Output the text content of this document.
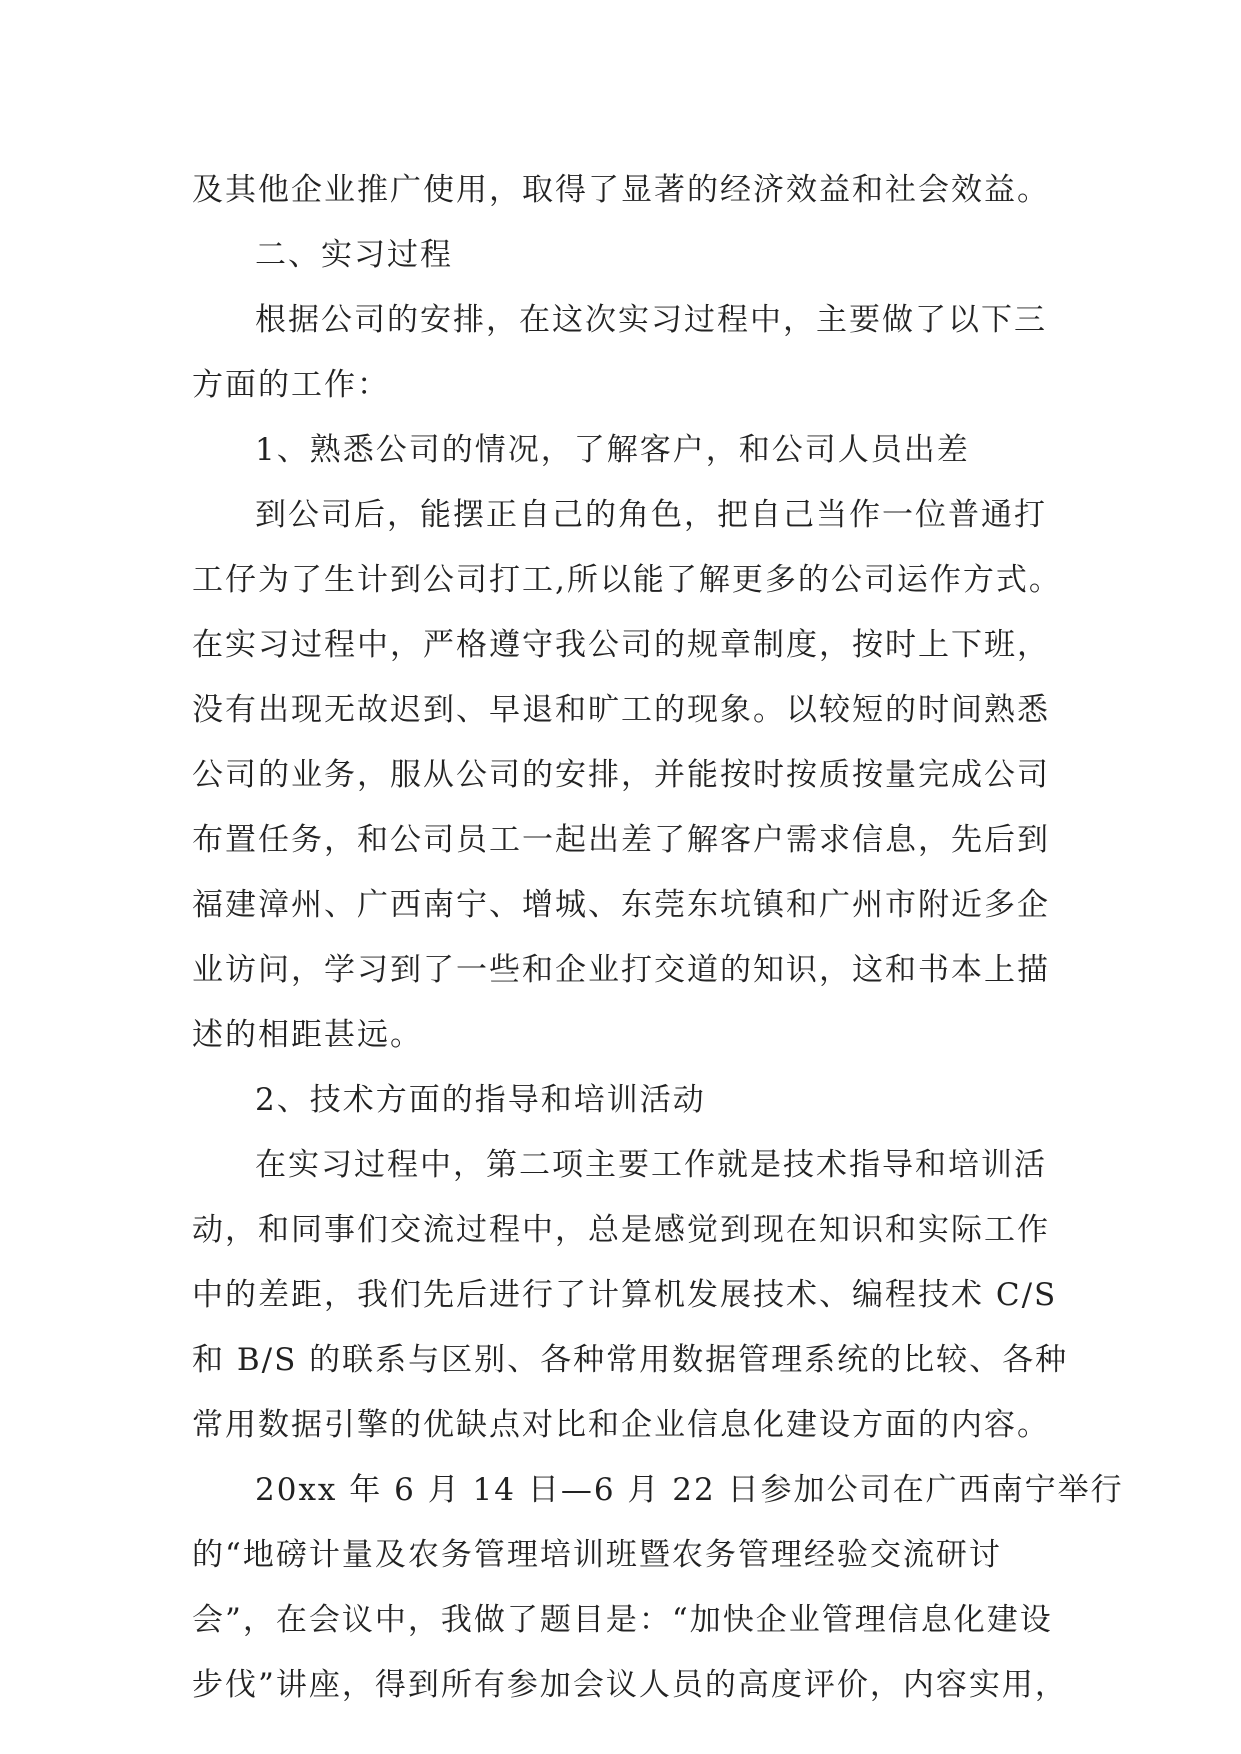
及其他企业推广使用，取得了显著的经济效益和社会效益。
二、实习过程
根据公司的安排，在这次实习过程中，主要做了以下三
方面的工作：
1、熟悉公司的情况，了解客户，和公司人员出差
到公司后，能摆正自己的角色，把自己当作一位普通打
工仔为了生计到公司打工,所以能了解更多的公司运作方式。
在实习过程中，严格遵守我公司的规章制度，按时上下班，
没有出现无故迟到、早退和旷工的现象。以较短的时间熟悉
公司的业务，服从公司的安排，并能按时按质按量完成公司
布置任务，和公司员工一起出差了解客户需求信息，先后到
福建漳州、广西南宁、增城、东莞东坑镇和广州市附近多企
业访问，学习到了一些和企业打交道的知识，这和书本上描
述的相距甚远。
2、技术方面的指导和培训活动
在实习过程中，第二项主要工作就是技术指导和培训活
动，和同事们交流过程中，总是感觉到现在知识和实际工作
中的差距，我们先后进行了计算机发展技术、编程技术 C/S
和 B/S 的联系与区别、各种常用数据管理系统的比较、各种
常用数据引擎的优缺点对比和企业信息化建设方面的内容。
20xx 年 6 月 14 日—6 月 22 日参加公司在广西南宁举行
的“地磅计量及农务管理培训班暨农务管理经验交流研讨
会”，在会议中，我做了题目是：“加快企业管理信息化建设
步伐”讲座，得到所有参加会议人员的高度评价，内容实用，
